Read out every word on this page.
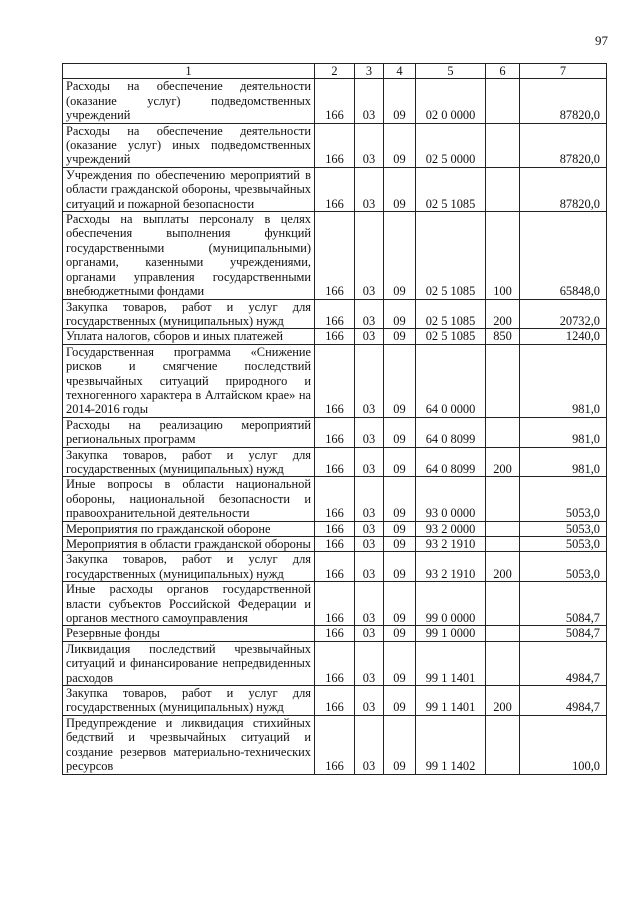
97
1	2	3	4	5	6	7
Расходы на обеспечение деятельности (оказание услуг) подведомственных учреждений	166	03	09	02 0 0000		87820,0
Расходы на обеспечение деятельности (оказание услуг) иных подведомственных учреждений	166	03	09	02 5 0000		87820,0
Учреждения по обеспечению мероприятий в области гражданской обороны, чрезвычайных ситуаций и пожарной безопасности	166	03	09	02 5 1085		87820,0
Расходы на выплаты персоналу в целях обеспечения выполнения функций государственными (муниципальными) органами, казенными учреждениями, органами управления государственными внебюджетными фондами	166	03	09	02 5 1085	100	65848,0
Закупка товаров, работ и услуг для государственных (муниципальных) нужд	166	03	09	02 5 1085	200	20732,0
Уплата налогов, сборов и иных платежей	166	03	09	02 5 1085	850	1240,0
Государственная программа «Снижение рисков и смягчение последствий чрезвычайных ситуаций природного и техногенного характера в Алтайском крае» на 2014-2016 годы	166	03	09	64 0 0000		981,0
Расходы на реализацию мероприятий региональных программ	166	03	09	64 0 8099		981,0
Закупка товаров, работ и услуг для государственных (муниципальных) нужд	166	03	09	64 0 8099	200	981,0
Иные вопросы в области национальной обороны, национальной безопасности и правоохранительной деятельности	166	03	09	93 0 0000		5053,0
Мероприятия по гражданской обороне	166	03	09	93 2 0000		5053,0
Мероприятия в области гражданской обороны	166	03	09	93 2 1910		5053,0
Закупка товаров, работ и услуг для государственных (муниципальных) нужд	166	03	09	93 2 1910	200	5053,0
Иные расходы органов государственной власти субъектов Российской Федерации и органов местного самоуправления	166	03	09	99 0 0000		5084,7
Резервные фонды	166	03	09	99 1 0000		5084,7
Ликвидация последствий чрезвычайных ситуаций и финансирование непредвиденных расходов	166	03	09	99 1 1401		4984,7
Закупка товаров, работ и услуг для государственных (муниципальных) нужд	166	03	09	99 1 1401	200	4984,7
Предупреждение и ликвидация стихийных бедствий и чрезвычайных ситуаций и создание резервов материально-технических ресурсов	166	03	09	99 1 1402		100,0
